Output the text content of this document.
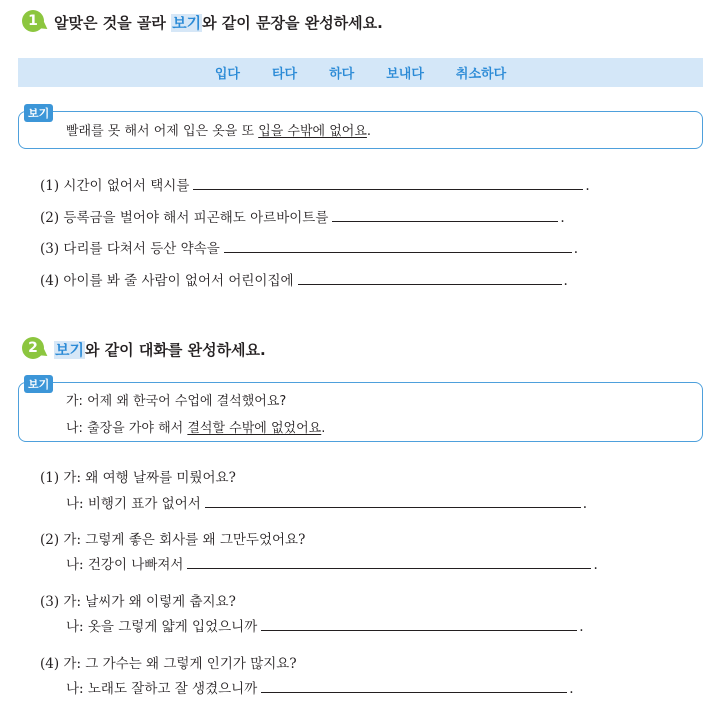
1 알맞은 것을 골라 보기와 같이 문장을 완성하세요.
입다 타다 하다 보내다 취소하다
보기
빨래를 못 해서 어제 입은 옷을 또 입을 수밖에 없어요.
(1) 시간이 없어서 택시를	.
(2) 등록금을 벌어야 해서 피곤해도 아르바이트를	.
(3) 다리를 다쳐서 등산 약속을	.
(4) 아이를 봐 줄 사람이 없어서 어린이집에	.
2 보기와 같이 대화를 완성하세요.
보기
가: 어제 왜 한국어 수업에 결석했어요?
나: 출장을 가야 해서 결석할 수밖에 없었어요.
(1) 가: 왜 여행 날짜를 미뤘어요?
나: 비행기 표가 없어서	.
(2) 가: 그렇게 좋은 회사를 왜 그만두었어요?
나: 건강이 나빠져서	.
(3) 가: 날씨가 왜 이렇게 춥지요?
나: 옷을 그렇게 얇게 입었으니까	.
(4) 가: 그 가수는 왜 그렇게 인기가 많지요?
나: 노래도 잘하고 잘 생겼으니까	.
